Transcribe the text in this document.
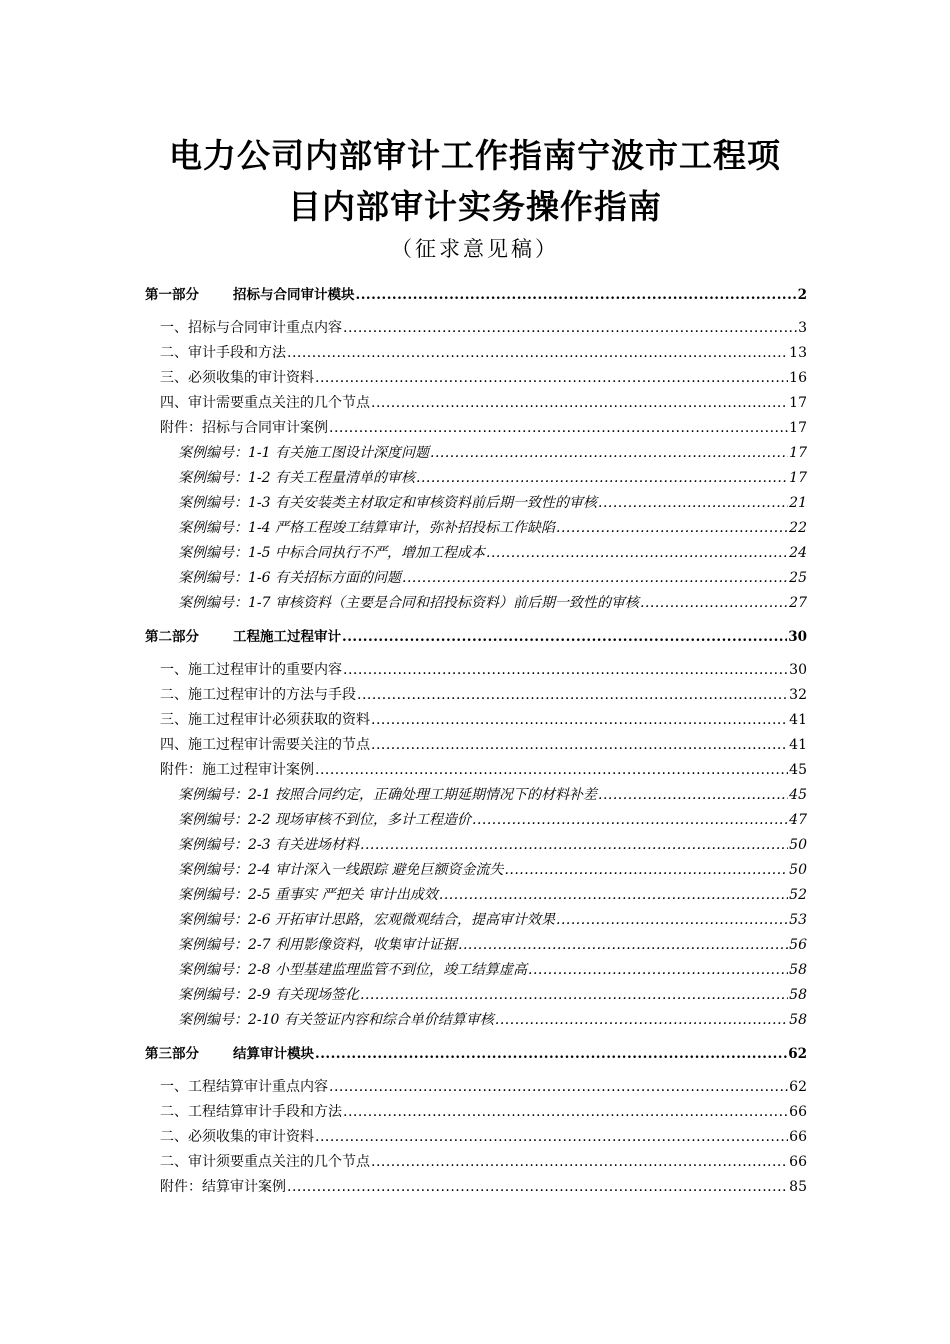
电力公司内部审计工作指南宁波市工程项
目内部审计实务操作指南
（征求意见稿）
第一部分	招标与合同审计模块 .....	2
一、招标与合同审计重点内容 .....	3
二、审计手段和方法 .....	13
三、必须收集的审计资料 .....	16
四、审计需要重点关注的几个节点 .....	17
附件：招标与合同审计案例 .....	17
案例编号：1-1 有关施工图设计深度问题 .....	17
案例编号：1-2 有关工程量清单的审核 .....	17
案例编号：1-3 有关安装类主材取定和审核资料前后期一致性的审核 .....	21
案例编号：1-4 严格工程竣工结算审计，弥补招投标工作缺陷 .....	22
案例编号：1-5 中标合同执行不严，增加工程成本 .....	24
案例编号：1-6 有关招标方面的问题 .....	25
案例编号：1-7 审核资料（主要是合同和招投标资料）前后期一致性的审核 .....	27
第二部分	工程施工过程审计 .....	30
一、施工过程审计的重要内容 .....	30
二、施工过程审计的方法与手段 .....	32
三、施工过程审计必须获取的资料 .....	41
四、施工过程审计需要关注的节点 .....	41
附件：施工过程审计案例 .....	45
案例编号：2-1 按照合同约定，正确处理工期延期情况下的材料补差 .....	45
案例编号：2-2 现场审核不到位，多计工程造价 .....	47
案例编号：2-3 有关进场材料 .....	50
案例编号：2-4 审计深入一线跟踪 避免巨额资金流失 .....	50
案例编号：2-5 重事实 严把关 审计出成效 .....	52
案例编号：2-6 开拓审计思路，宏观微观结合，提高审计效果 .....	53
案例编号：2-7 利用影像资料，收集审计证据 .....	56
案例编号：2-8 小型基建监理监管不到位，竣工结算虚高 .....	58
案例编号：2-9 有关现场签化 .....	58
案例编号：2-10 有关签证内容和综合单价结算审核 .....	58
第三部分	结算审计模块 .....	62
一、工程结算审计重点内容 .....	62
二、工程结算审计手段和方法 .....	66
二、必须收集的审计资料 .....	66
二、审计须要重点关注的几个节点 .....	66
附件：结算审计案例 .....	85
